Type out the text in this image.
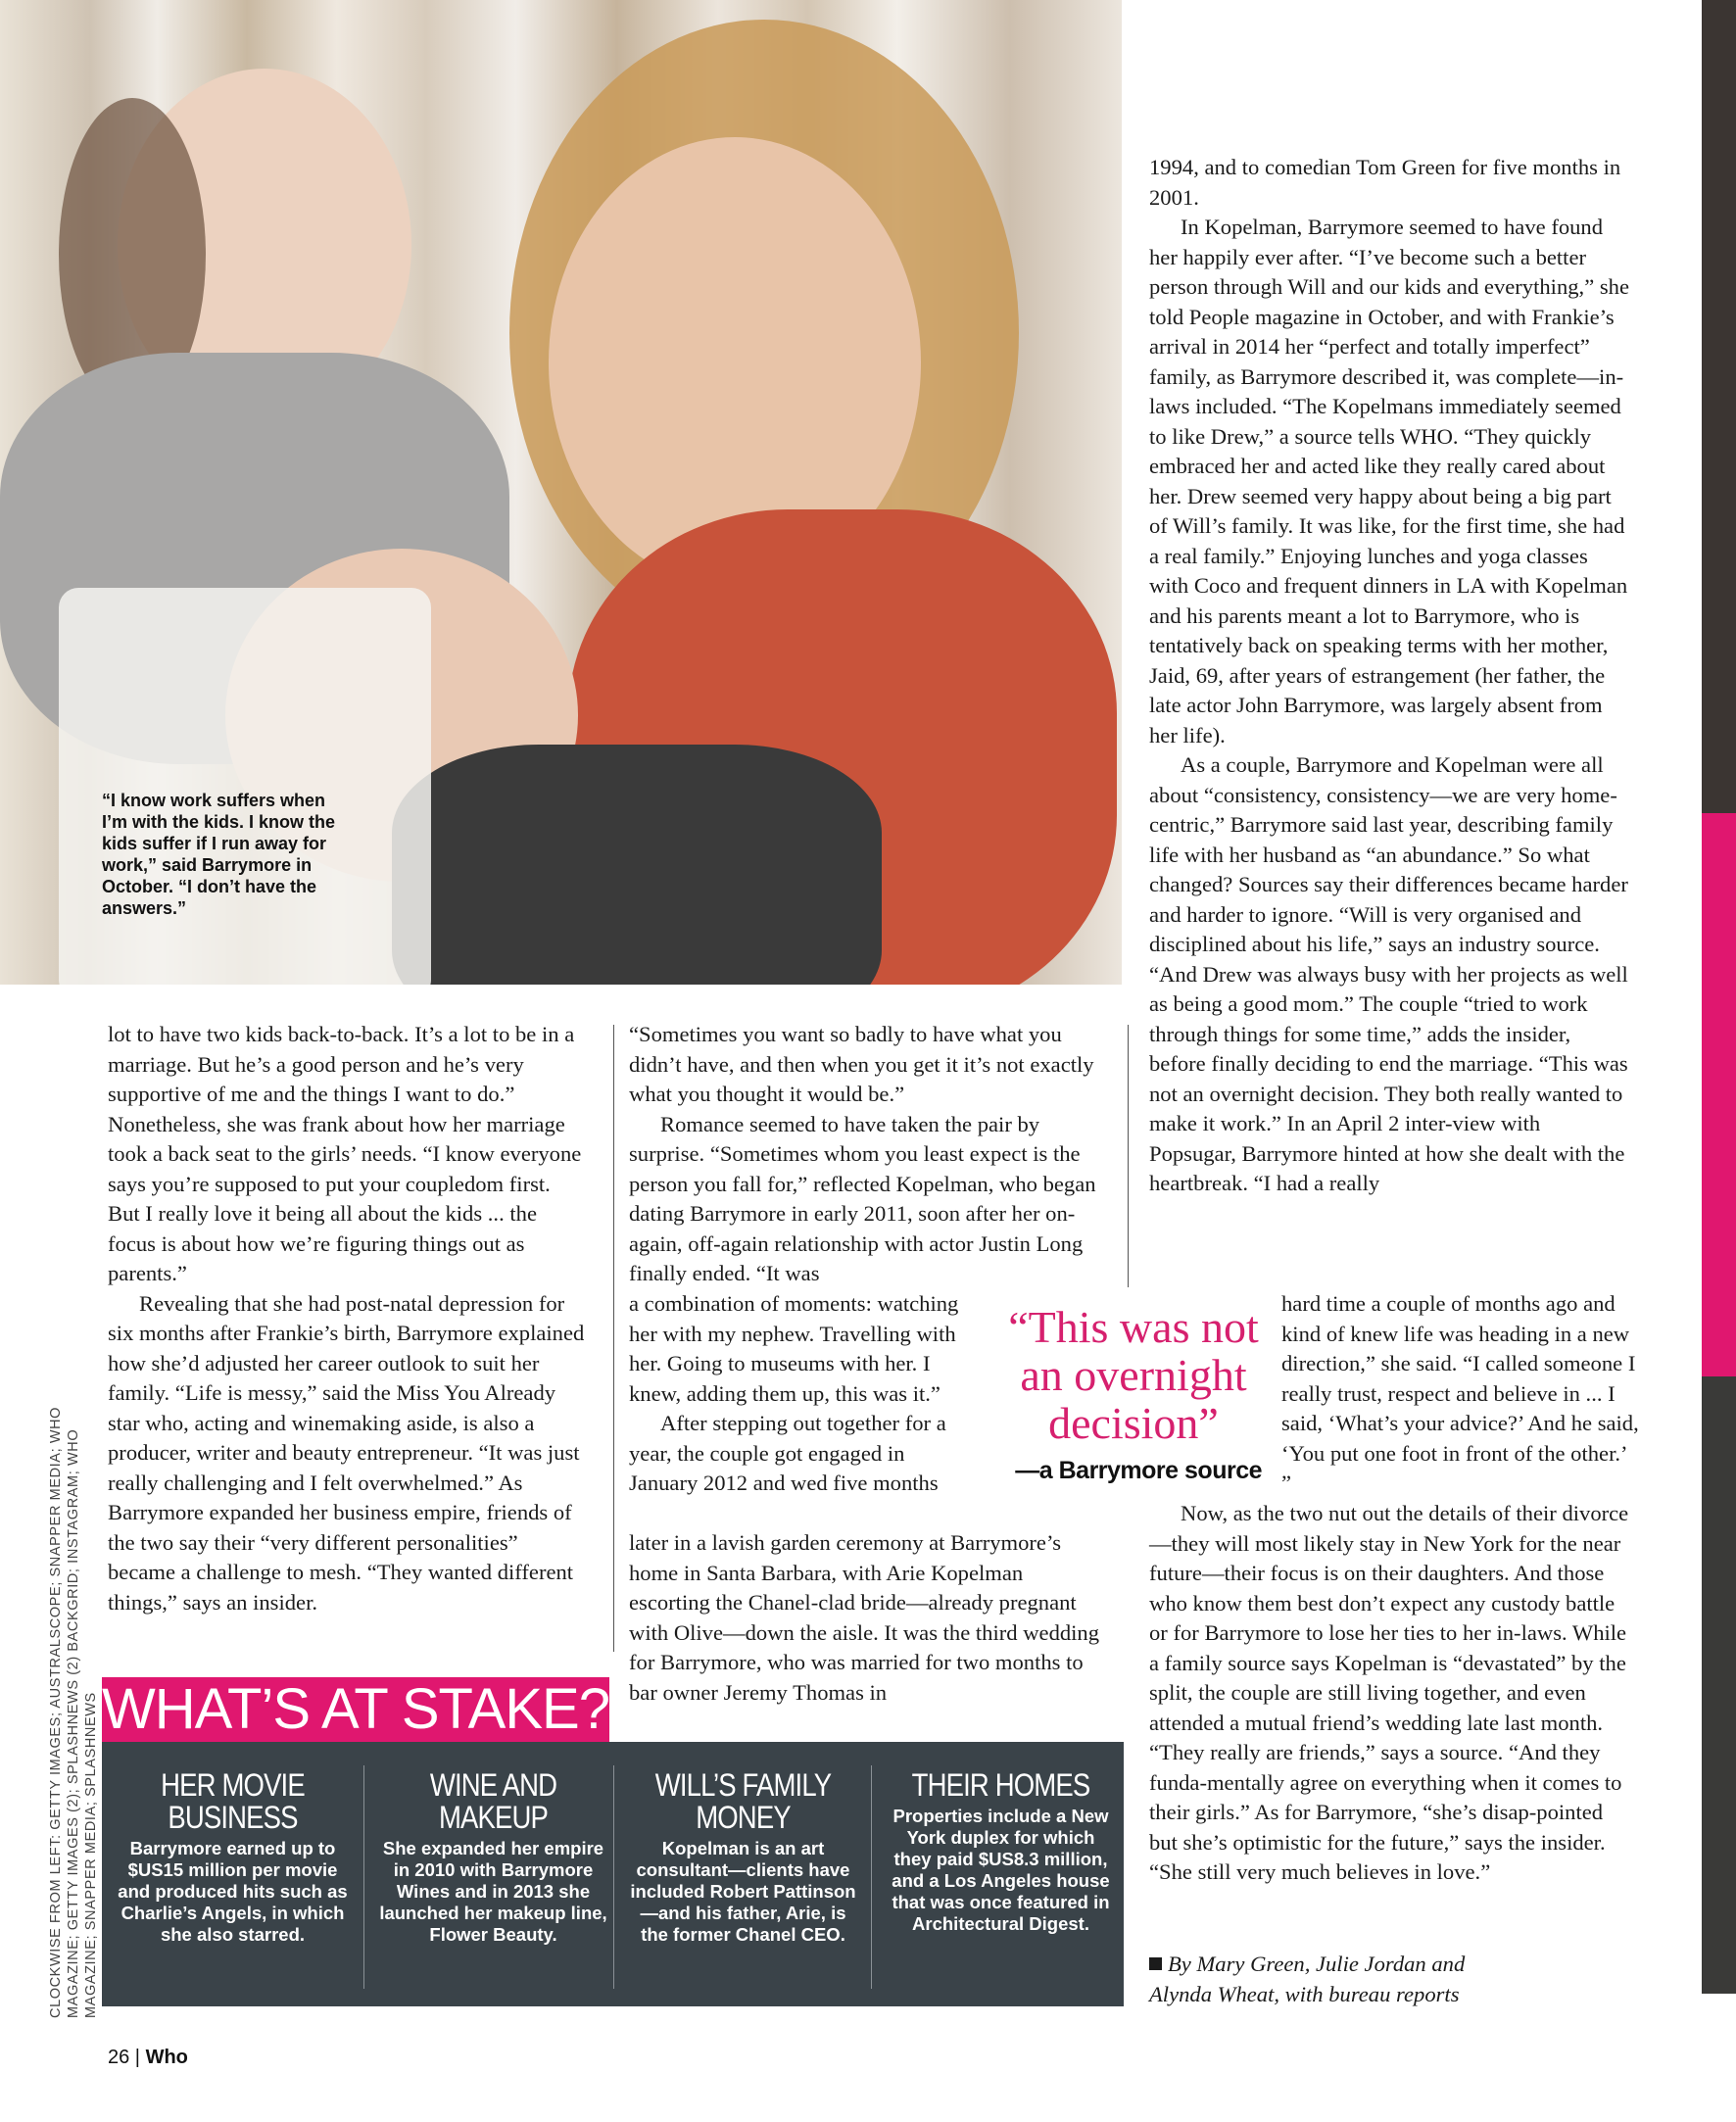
“I know work suffers when I’m with the kids. I know the kids suffer if I run away for work,” said Barrymore in October. “I don’t have the answers.”

lot to have two kids back-to-back. It’s a lot to be in a marriage. But he’s a good person and he’s very supportive of me and the things I want to do.” Nonetheless, she was frank about how her marriage took a back seat to the girls’ needs. “I know everyone says you’re supposed to put your coupledom first. But I really love it being all about the kids ... the focus is about how we’re figuring things out as parents.”

Revealing that she had post-natal depression for six months after Frankie’s birth, Barrymore explained how she’d adjusted her career outlook to suit her family. “Life is messy,” said the Miss You Already star who, acting and winemaking aside, is also a producer, writer and beauty entrepreneur. “It was just really challenging and I felt overwhelmed.” As Barrymore expanded her business empire, friends of the two say their “very different personalities” became a challenge to mesh. “They wanted different things,” says an insider.

“Sometimes you want so badly to have what you didn’t have, and then when you get it it’s not exactly what you thought it would be.”

Romance seemed to have taken the pair by surprise. “Sometimes whom you least expect is the person you fall for,” reflected Kopelman, who began dating Barrymore in early 2011, soon after her on-again, off-again relationship with actor Justin Long finally ended. “It was

a combination of moments: watching her with my nephew. Travelling with her. Going to museums with her. I knew, adding them up, this was it.”

After stepping out together for a year, the couple got engaged in January 2012 and wed five months

later in a lavish garden ceremony at Barrymore’s home in Santa Barbara, with Arie Kopelman escorting the Chanel-clad bride—already pregnant with Olive—down the aisle. It was the third wedding for Barrymore, who was married for two months to bar owner Jeremy Thomas in

1994, and to comedian Tom Green for five months in 2001.

In Kopelman, Barrymore seemed to have found her happily ever after. “I’ve become such a better person through Will and our kids and everything,” she told People magazine in October, and with Frankie’s arrival in 2014 her “perfect and totally imperfect” family, as Barrymore described it, was complete—in-laws included. “The Kopelmans immediately seemed to like Drew,” a source tells WHO. “They quickly embraced her and acted like they really cared about her. Drew seemed very happy about being a big part of Will’s family. It was like, for the first time, she had a real family.” Enjoying lunches and yoga classes with Coco and frequent dinners in LA with Kopelman and his parents meant a lot to Barrymore, who is tentatively back on speaking terms with her mother, Jaid, 69, after years of estrangement (her father, the late actor John Barrymore, was largely absent from her life).

As a couple, Barrymore and Kopelman were all about “consistency, consistency—we are very home-centric,” Barrymore said last year, describing family life with her husband as “an abundance.” So what changed? Sources say their differences became harder and harder to ignore. “Will is very organised and disciplined about his life,” says an industry source. “And Drew was always busy with her projects as well as being a good mom.” The couple “tried to work through things for some time,” adds the insider, before finally deciding to end the marriage. “This was not an overnight decision. They both really wanted to make it work.” In an April 2 inter-view with Popsugar, Barrymore hinted at how she dealt with the heartbreak. “I had a really

hard time a couple of months ago and kind of knew life was heading in a new direction,” she said. “I called someone I really trust, respect and believe in ... I said, ‘What’s your advice?’ And he said, ‘You put one foot in front of the other.’ ”

Now, as the two nut out the details of their divorce—they will most likely stay in New York for the near future—their focus is on their daughters. And those who know them best don’t expect any custody battle or for Barrymore to lose her ties to her in-laws. While a family source says Kopelman is “devastated” by the split, the couple are still living together, and even attended a mutual friend’s wedding late last month. “They really are friends,” says a source. “And they funda-mentally agree on everything when it comes to their girls.” As for Barrymore, “she’s disap-pointed but she’s optimistic for the future,” says the insider. “She still very much believes in love.”

By Mary Green, Julie Jordan and
Alynda Wheat, with bureau reports
“This was not an overnight decision”
—a Barrymore source
WHAT’S AT STAKE?
HER MOVIE BUSINESS
Barrymore earned up to $US15 million per movie and produced hits such as Charlie’s Angels, in which she also starred.
WINE AND MAKEUP
She expanded her empire in 2010 with Barrymore Wines and in 2013 she launched her makeup line, Flower Beauty.
WILL’S FAMILY MONEY
Kopelman is an art consultant—clients have included Robert Pattinson—and his father, Arie, is the former Chanel CEO.
THEIR HOMES
Properties include a New York duplex for which they paid $US8.3 million, and a Los Angeles house that was once featured in Architectural Digest.
CLOCKWISE FROM LEFT: GETTY IMAGES; AUSTRALSCOPE; SNAPPER MEDIA; WHO MAGAZINE; GETTY IMAGES (2); SPLASHNEWS (2) BACKGRID; INSTAGRAM; WHO MAGAZINE; SNAPPER MEDIA; SPLASHNEWS
26 | Who
